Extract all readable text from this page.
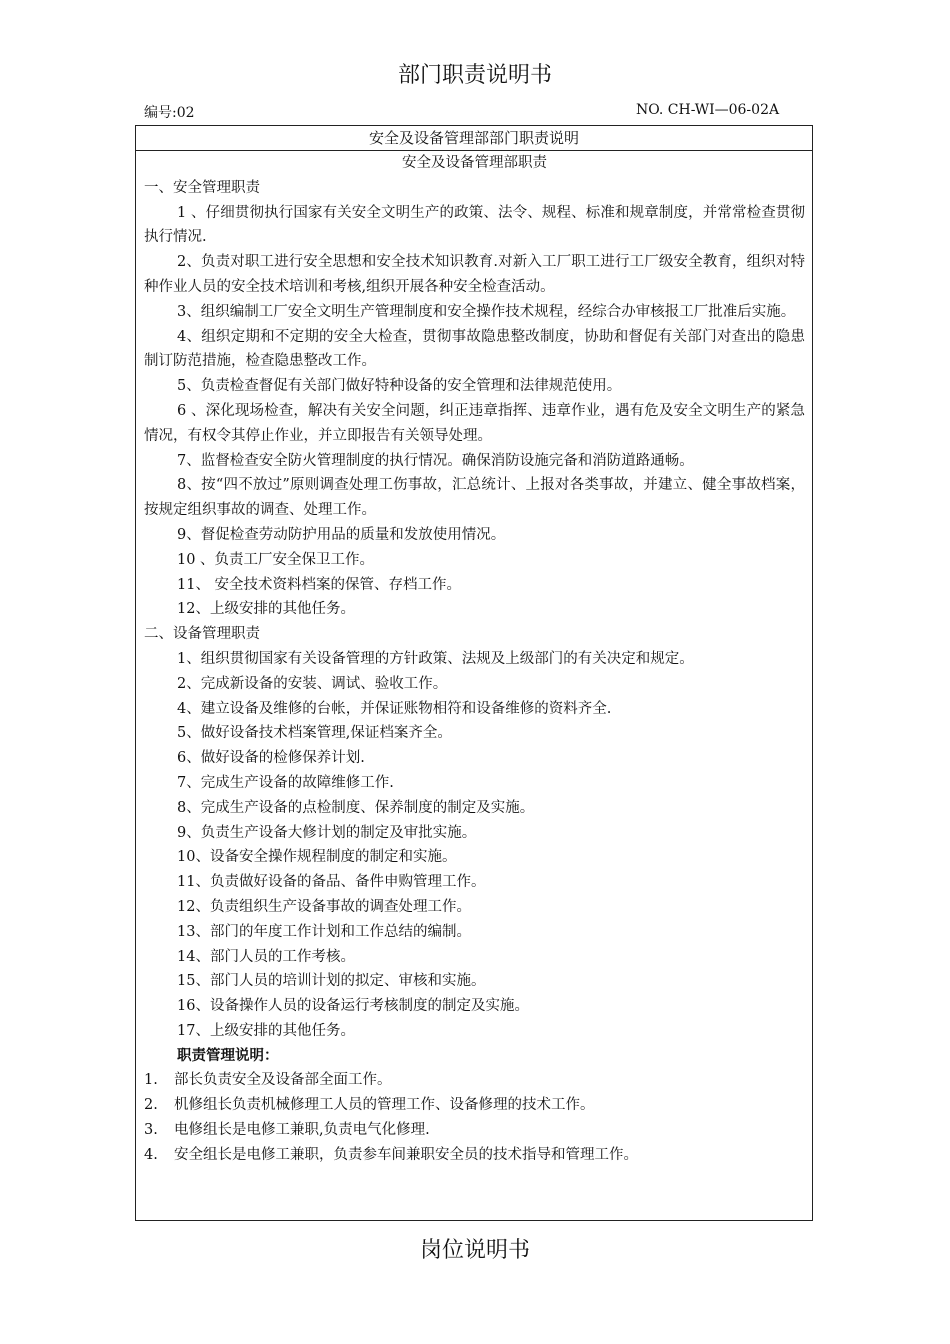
部门职责说明书
编号:02	NO. CH-WI—06-02A
安全及设备管理部部门职责说明
安全及设备管理部职责
一、安全管理职责
1 、仔细贯彻执行国家有关安全文明生产的政策、法令、规程、标准和规章制度，并常常检查贯彻执行情况.
2、负责对职工进行安全思想和安全技术知识教育.对新入工厂职工进行工厂级安全教育，组织对特种作业人员的安全技术培训和考核,组织开展各种安全检查活动。
3、组织编制工厂安全文明生产管理制度和安全操作技术规程，经综合办审核报工厂批准后实施。
4、组织定期和不定期的安全大检查，贯彻事故隐患整改制度，协助和督促有关部门对查出的隐患制订防范措施，检查隐患整改工作。
5、负责检查督促有关部门做好特种设备的安全管理和法律规范使用。
6 、深化现场检查，解决有关安全问题，纠正违章指挥、违章作业，遇有危及安全文明生产的紧急情况，有权令其停止作业，并立即报告有关领导处理。
7、监督检查安全防火管理制度的执行情况。确保消防设施完备和消防道路通畅。
8、按“四不放过”原则调查处理工伤事故，汇总统计、上报对各类事故，并建立、健全事故档案，按规定组织事故的调查、处理工作。
9、督促检查劳动防护用品的质量和发放使用情况。
10 、负责工厂安全保卫工作。
11、 安全技术资料档案的保管、存档工作。
12、上级安排的其他任务。
二、设备管理职责
1、组织贯彻国家有关设备管理的方针政策、法规及上级部门的有关决定和规定。
2、完成新设备的安装、调试、验收工作。
4、建立设备及维修的台帐，并保证账物相符和设备维修的资料齐全.
5、做好设备技术档案管理,保证档案齐全。
6、做好设备的检修保养计划.
7、完成生产设备的故障维修工作.
8、完成生产设备的点检制度、保养制度的制定及实施。
9、负责生产设备大修计划的制定及审批实施。
10、设备安全操作规程制度的制定和实施。
11、负责做好设备的备品、备件申购管理工作。
12、负责组织生产设备事故的调查处理工作。
13、部门的年度工作计划和工作总结的编制。
14、部门人员的工作考核。
15、部门人员的培训计划的拟定、审核和实施。
16、设备操作人员的设备运行考核制度的制定及实施。
17、上级安排的其他任务。
职责管理说明：
1. 部长负责安全及设备部全面工作。
2. 机修组长负责机械修理工人员的管理工作、设备修理的技术工作。
3. 电修组长是电修工兼职,负责电气化修理.
4. 安全组长是电修工兼职，负责参车间兼职安全员的技术指导和管理工作。
岗位说明书
